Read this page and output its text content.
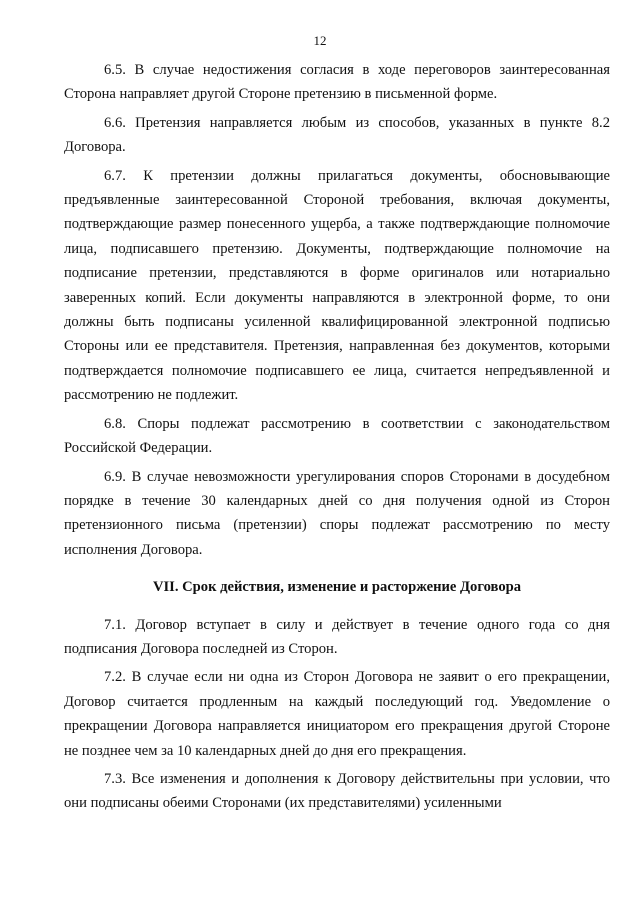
12

6.5. В случае недостижения согласия в ходе переговоров заинтересованная Сторона направляет другой Стороне претензию в письменной форме.

6.6. Претензия направляется любым из способов, указанных в пункте 8.2 Договора.

6.7. К претензии должны прилагаться документы, обосновывающие предъявленные заинтересованной Стороной требования, включая документы, подтверждающие размер понесенного ущерба, а также подтверждающие полномочие лица, подписавшего претензию. Документы, подтверждающие полномочие на подписание претензии, представляются в форме оригиналов или нотариально заверенных копий. Если документы направляются в электронной форме, то они должны быть подписаны усиленной квалифицированной электронной подписью Стороны или ее представителя. Претензия, направленная без документов, которыми подтверждается полномочие подписавшего ее лица, считается непредъявленной и рассмотрению не подлежит.

6.8. Споры подлежат рассмотрению в соответствии с законодательством Российской Федерации.

6.9. В случае невозможности урегулирования споров Сторонами в досудебном порядке в течение 30 календарных дней со дня получения одной из Сторон претензионного письма (претензии) споры подлежат рассмотрению по месту исполнения Договора.

VII. Срок действия, изменение и расторжение Договора

7.1. Договор вступает в силу и действует в течение одного года со дня подписания Договора последней из Сторон.

7.2. В случае если ни одна из Сторон Договора не заявит о его прекращении, Договор считается продленным на каждый последующий год. Уведомление о прекращении Договора направляется инициатором его прекращения другой Стороне не позднее чем за 10 календарных дней до дня его прекращения.

7.3. Все изменения и дополнения к Договору действительны при условии, что они подписаны обеими Сторонами (их представителями) усиленными
